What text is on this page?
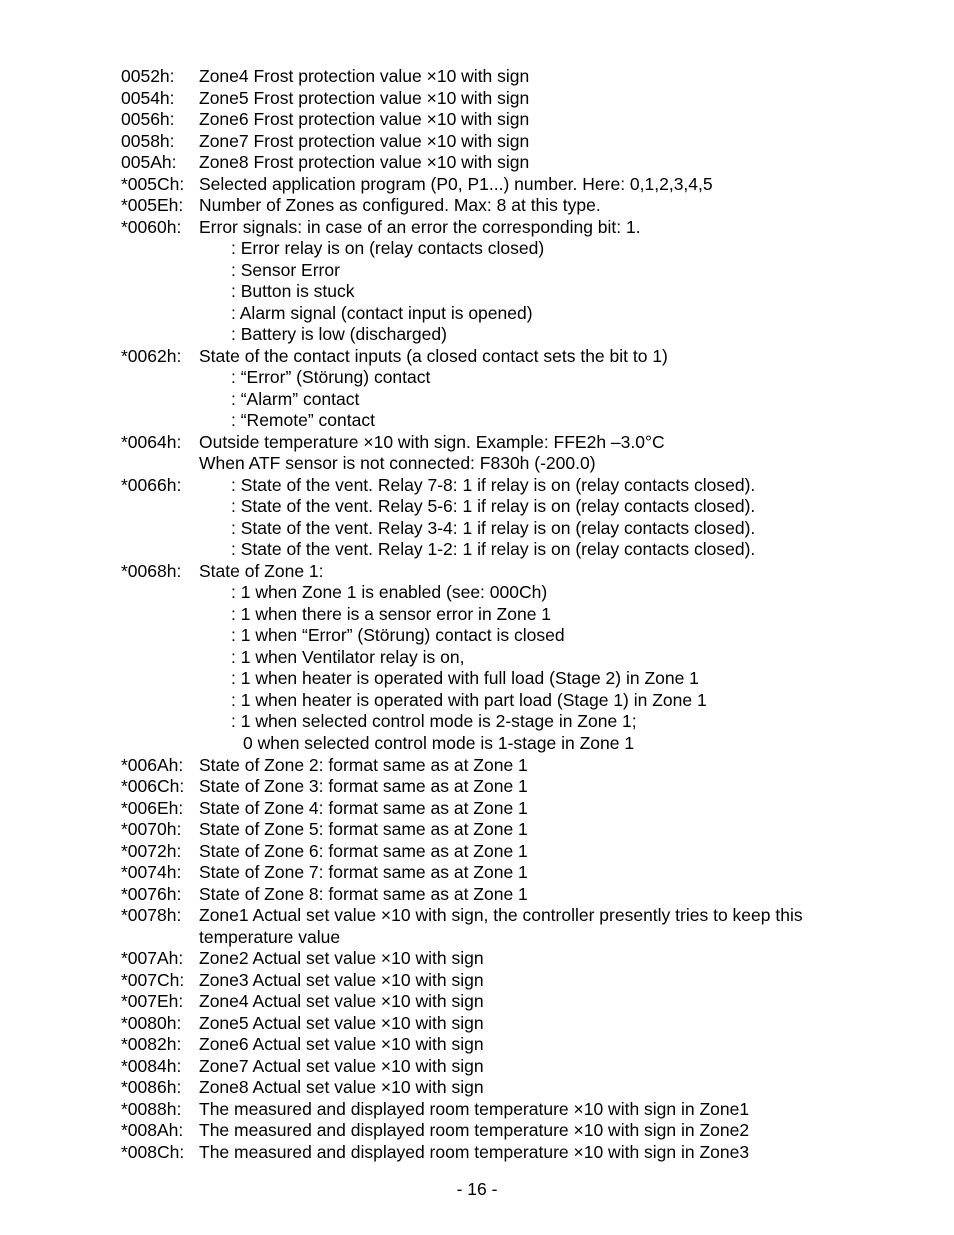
0052h: Zone4 Frost protection value ×10 with sign
0054h: Zone5 Frost protection value ×10 with sign
0056h: Zone6 Frost protection value ×10 with sign
0058h: Zone7 Frost protection value ×10 with sign
005Ah: Zone8 Frost protection value ×10 with sign
*005Ch: Selected application program (P0, P1...) number. Here: 0,1,2,3,4,5
*005Eh: Number of Zones as configured. Max: 8 at this type.
*0060h: Error signals: in case of an error the corresponding bit: 1.
: Error relay is on (relay contacts closed)
: Sensor Error
: Button is stuck
: Alarm signal (contact input is opened)
: Battery is low (discharged)
*0062h: State of the contact inputs (a closed contact sets the bit to 1)
: “Error” (Störung) contact
: “Alarm” contact
: “Remote” contact
*0064h: Outside temperature ×10 with sign. Example: FFE2h –3.0°C
When ATF sensor is not connected: F830h (-200.0)
*0066h:	: State of the vent. Relay 7-8: 1 if relay is on (relay contacts closed).
: State of the vent. Relay 5-6: 1 if relay is on (relay contacts closed).
: State of the vent. Relay 3-4: 1 if relay is on (relay contacts closed).
: State of the vent. Relay 1-2: 1 if relay is on (relay contacts closed).
*0068h: State of Zone 1:
: 1 when Zone 1 is enabled (see: 000Ch)
: 1 when there is a sensor error in Zone 1
: 1 when “Error” (Störung) contact is closed
: 1 when Ventilator relay is on,
: 1 when heater is operated with full load (Stage 2) in Zone 1
: 1 when heater is operated with part load (Stage 1) in Zone 1
: 1 when selected control mode is 2-stage in Zone 1;
0 when selected control mode is 1-stage in Zone 1
*006Ah: State of Zone 2: format same as at Zone 1
*006Ch: State of Zone 3: format same as at Zone 1
*006Eh: State of Zone 4: format same as at Zone 1
*0070h: State of Zone 5: format same as at Zone 1
*0072h: State of Zone 6: format same as at Zone 1
*0074h: State of Zone 7: format same as at Zone 1
*0076h: State of Zone 8: format same as at Zone 1
*0078h: Zone1 Actual set value ×10 with sign, the controller presently tries to keep this
temperature value
*007Ah: Zone2 Actual set value ×10 with sign
*007Ch: Zone3 Actual set value ×10 with sign
*007Eh: Zone4 Actual set value ×10 with sign
*0080h: Zone5 Actual set value ×10 with sign
*0082h: Zone6 Actual set value ×10 with sign
*0084h: Zone7 Actual set value ×10 with sign
*0086h: Zone8 Actual set value ×10 with sign
*0088h: The measured and displayed room temperature ×10 with sign in Zone1
*008Ah: The measured and displayed room temperature ×10 with sign in Zone2
*008Ch: The measured and displayed room temperature ×10 with sign in Zone3
- 16 -
